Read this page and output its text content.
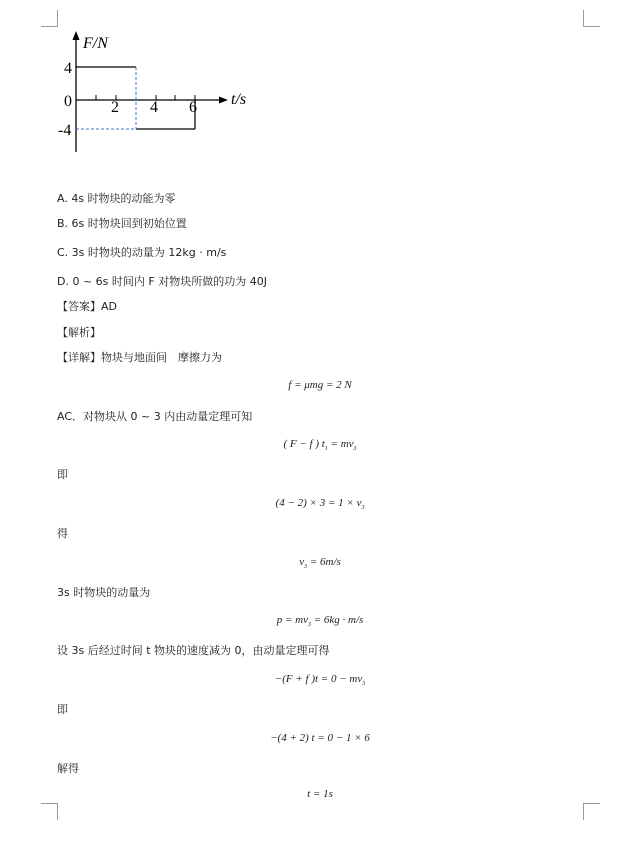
F/N
t/s
4
0
-4
2 4 6
A. 4s 时物块的动能为零
B. 6s 时物块回到初始位置
C. 3s 时物块的动量为 12kg · m/s
D. 0 ~ 6s 时间内 F 对物块所做的功为 40J
【答案】AD
【解析】
【详解】物块与地面间　摩擦力为
f = μmg = 2 N
AC．对物块从 0 ~ 3 内由动量定理可知
( F − f ) $t_1 = mv_3$
即
$(4 - 2) \times 3 = 1 \times v_3$
得
$v_3 = 6m/s$
3s 时物块的动量为
$p = mv_3 = 6kg \cdot m/s$
设 3s 后经过时间 t 物块的速度减为 0，由动量定理可得
−(F + f )$t = 0 - mv_3$
即
−(4 + 2) t = 0 − 1 × 6
解得
t = 1s
